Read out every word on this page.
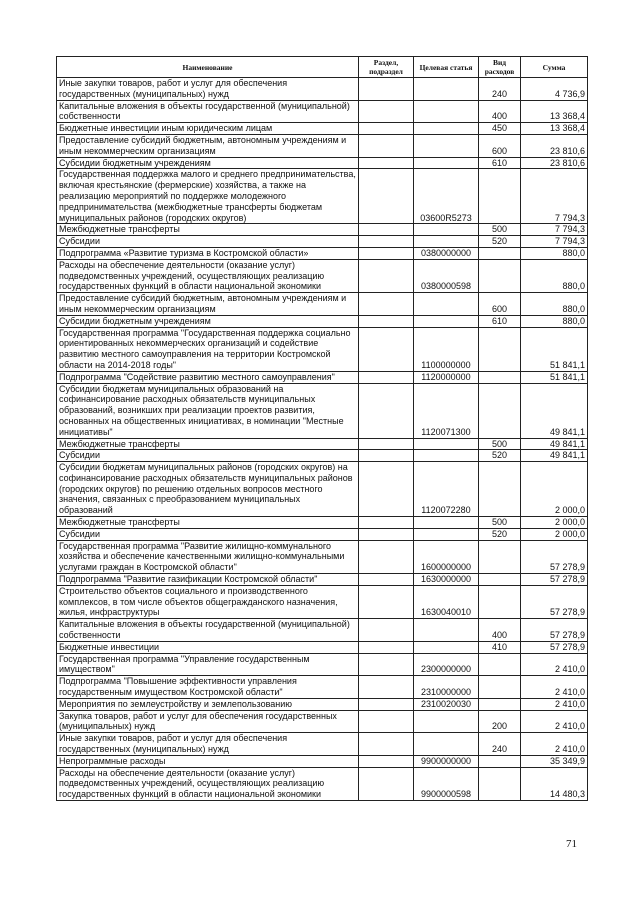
Наименование	Раздел, подраздел	Целевая статья	Вид расходов	Сумма
Иные закупки товаров, работ и услуг для обеспечения государственных (муниципальных) нужд			240	4 736,9
Капитальные вложения в объекты государственной (муниципальной) собственности			400	13 368,4
Бюджетные инвестиции иным юридическим лицам			450	13 368,4
Предоставление субсидий бюджетным, автономным учреждениям и иным некоммерческим организациям			600	23 810,6
Субсидии бюджетным учреждениям			610	23 810,6
Государственная поддержка малого и среднего предпринимательства, включая крестьянские (фермерские) хозяйства, а также на реализацию мероприятий по поддержке молодежного предпринимательства (межбюджетные трансферты бюджетам муниципальных районов (городских округов)		03600R5273		7 794,3
Межбюджетные трансферты			500	7 794,3
Субсидии			520	7 794,3
Подпрограмма «Развитие туризма в Костромской области»		0380000000		880,0
Расходы на обеспечение деятельности (оказание услуг) подведомственных учреждений, осуществляющих реализацию государственных функций в области национальной экономики		0380000598		880,0
Предоставление субсидий бюджетным, автономным учреждениям и иным некоммерческим организациям			600	880,0
Субсидии бюджетным учреждениям			610	880,0
Государственная программа "Государственная поддержка социально ориентированных некоммерческих организаций и содействие развитию местного самоуправления на территории Костромской области на 2014-2018 годы"		1100000000		51 841,1
Подпрограмма "Содействие развитию местного самоуправления"		1120000000		51 841,1
Субсидии бюджетам муниципальных образований на софинансирование расходных обязательств муниципальных образований, возникших при реализации проектов развития, основанных на общественных инициативах, в номинации "Местные инициативы"		1120071300		49 841,1
Межбюджетные трансферты			500	49 841,1
Субсидии			520	49 841,1
Субсидии бюджетам муниципальных районов (городских округов) на софинансирование расходных обязательств муниципальных районов (городских округов) по решению отдельных вопросов местного значения, связанных с преобразованием муниципальных образований		1120072280		2 000,0
Межбюджетные трансферты			500	2 000,0
Субсидии			520	2 000,0
Государственная программа "Развитие жилищно-коммунального хозяйства и обеспечение качественными жилищно-коммунальными услугами граждан в Костромской области"		1600000000		57 278,9
Подпрограмма "Развитие газификации Костромской области"		1630000000		57 278,9
Строительство объектов социального и производственного комплексов, в том числе объектов общегражданского назначения, жилья, инфраструктуры		1630040010		57 278,9
Капитальные вложения в объекты государственной (муниципальной) собственности			400	57 278,9
Бюджетные инвестиции			410	57 278,9
Государственная программа "Управление государственным имуществом"		2300000000		2 410,0
Подпрограмма "Повышение эффективности управления государственным имуществом Костромской области"		2310000000		2 410,0
Мероприятия по землеустройству и землепользованию		2310020030		2 410,0
Закупка товаров, работ и услуг для обеспечения государственных (муниципальных) нужд			200	2 410,0
Иные закупки товаров, работ и услуг для обеспечения государственных (муниципальных) нужд			240	2 410,0
Непрограммные расходы		9900000000		35 349,9
Расходы на обеспечение деятельности (оказание услуг) подведомственных учреждений, осуществляющих реализацию государственных функций в области национальной экономики		9900000598		14 480,3
71
